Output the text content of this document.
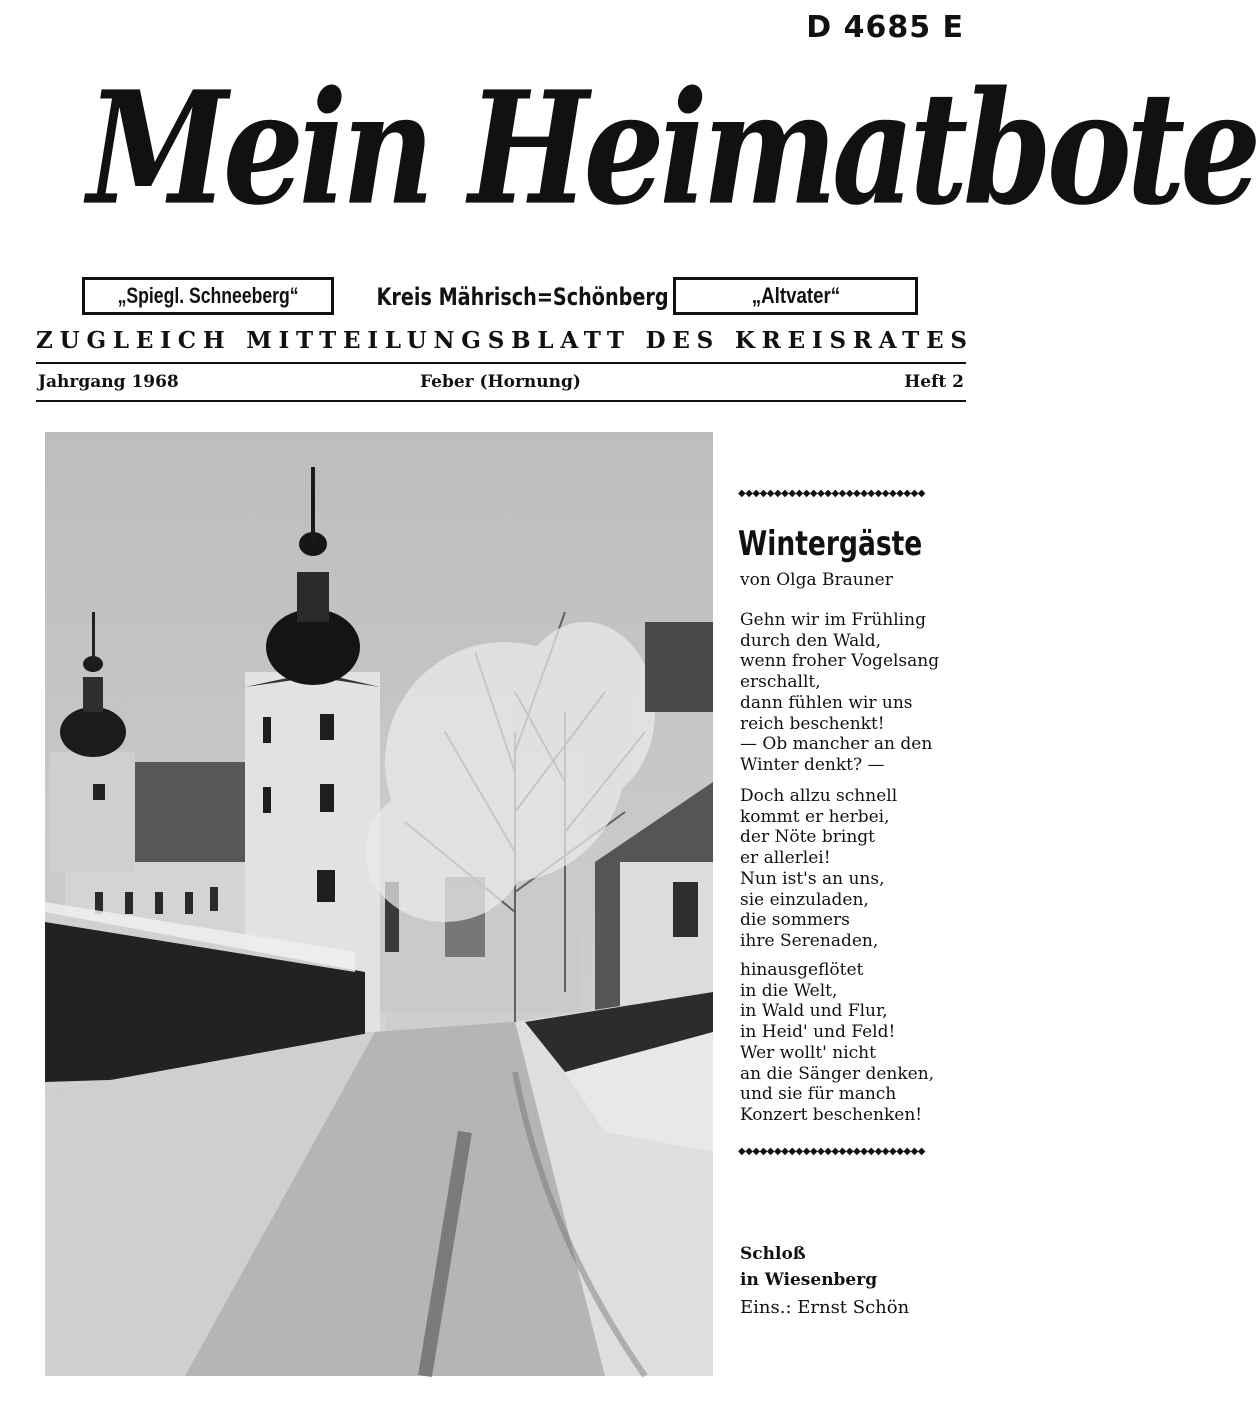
D 4685 E
Mein Heimatbote
„Spiegl. Schneeberg“	Kreis Mährisch=Schönberg	„Altvater“
ZUGLEICH MITTEILUNGSBLATT DES KREISRATES
Jahrgang 1968	Feber (Hornung)	Heft 2
◆◆◆◆◆◆◆◆◆◆◆◆◆◆◆◆◆◆◆◆◆◆◆◆◆◆
Wintergäste
von Olga Brauner
Gehn wir im Frühling
durch den Wald,
wenn froher Vogelsang
erschallt,
dann fühlen wir uns
reich beschenkt!
— Ob mancher an den
Winter denkt? —
Doch allzu schnell
kommt er herbei,
der Nöte bringt
er allerlei!
Nun ist's an uns,
sie einzuladen,
die sommers
ihre Serenaden,
hinausgeflötet
in die Welt,
in Wald und Flur,
in Heid' und Feld!
Wer wollt' nicht
an die Sänger denken,
und sie für manch
Konzert beschenken!
◆◆◆◆◆◆◆◆◆◆◆◆◆◆◆◆◆◆◆◆◆◆◆◆◆◆
Schloß
in Wiesenberg
Eins.: Ernst Schön
